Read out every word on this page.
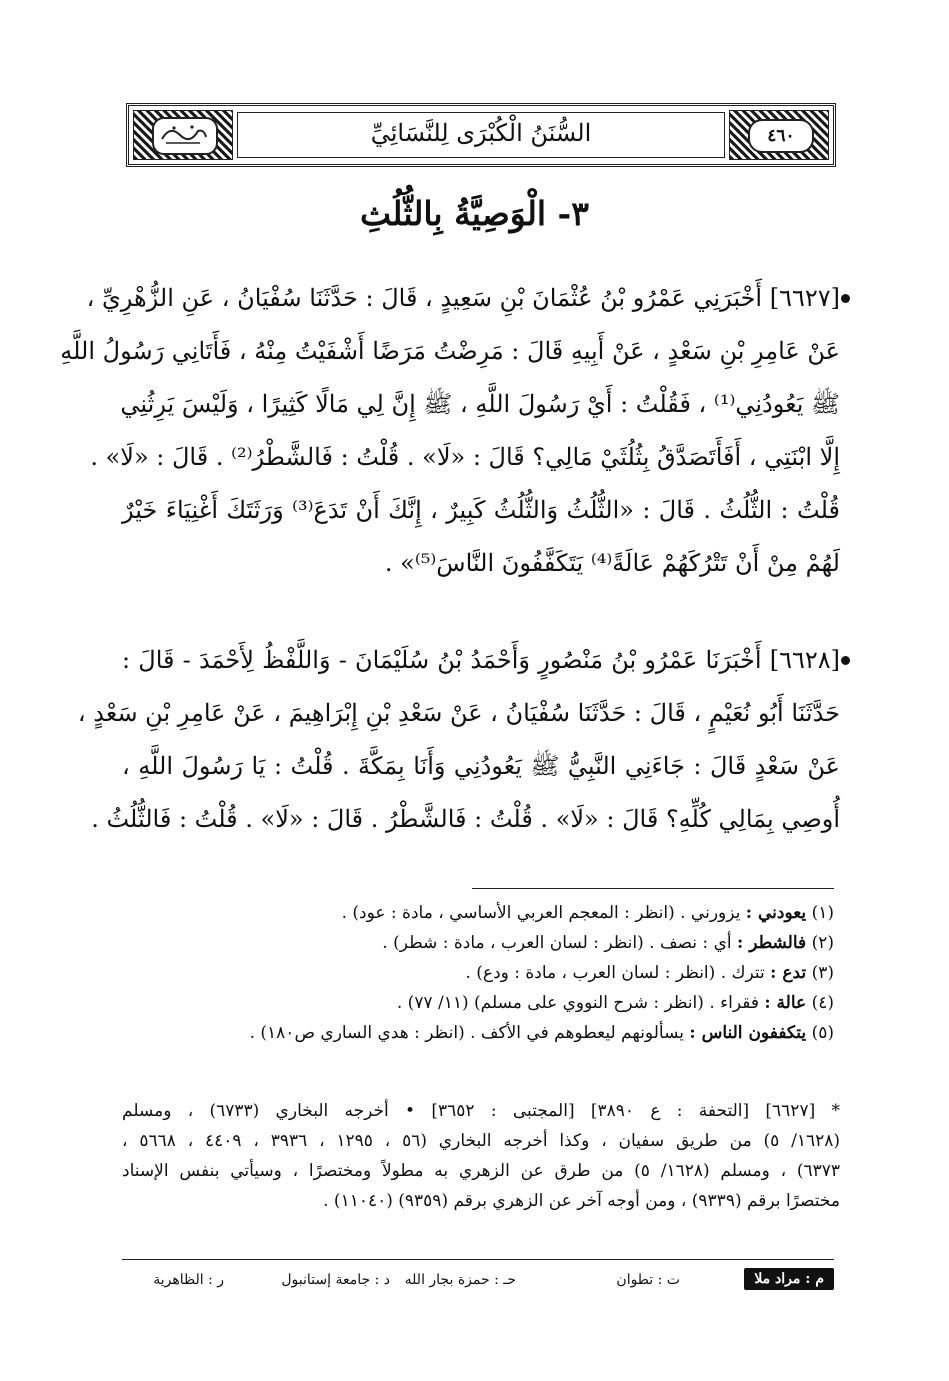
٤٦٠
السُّنَنُ الْكُبْرَى لِلنَّسَائِيِّ
٣- الْوَصِيَّةُ بِالثُّلُثِ
[٦٦٢٧] أَخْبَرَنِي عَمْرُو بْنُ عُثْمَانَ بْنِ سَعِيدٍ ، قَالَ : حَدَّثَنَا سُفْيَانُ ، عَنِ الزُّهْرِيِّ ،
عَنْ عَامِرِ بْنِ سَعْدٍ ، عَنْ أَبِيهِ قَالَ : مَرِضْتُ مَرَضًا أَشْفَيْتُ مِنْهُ ، فَأَتَانِي رَسُولُ اللَّهِ
ﷺ يَعُودُنِي⁽¹⁾ ، فَقُلْتُ : أَيْ رَسُولَ اللَّهِ ، ﷺ إِنَّ لِي مَالًا كَثِيرًا ، وَلَيْسَ يَرِثُنِي
إِلَّا ابْنَتِي ، أَفَأَتَصَدَّقُ بِثُلُثَيْ مَالِي؟ قَالَ : «لَا» . قُلْتُ : فَالشَّطْرُ⁽²⁾ . قَالَ : «لَا» .
قُلْتُ : الثُّلُثُ . قَالَ : «الثُّلُثُ وَالثُّلُثُ كَبِيرٌ ، إِنَّكَ أَنْ تَدَعَ⁽³⁾ وَرَثَتَكَ أَغْنِيَاءَ خَيْرٌ
لَهُمْ مِنْ أَنْ تَتْرُكَهُمْ عَالَةً⁽⁴⁾ يَتَكَفَّفُونَ النَّاسَ⁽⁵⁾» .
[٦٦٢٨] أَخْبَرَنَا عَمْرُو بْنُ مَنْصُورٍ وَأَحْمَدُ بْنُ سُلَيْمَانَ - وَاللَّفْظُ لِأَحْمَدَ - قَالَ :
حَدَّثَنَا أَبُو نُعَيْمٍ ، قَالَ : حَدَّثَنَا سُفْيَانُ ، عَنْ سَعْدِ بْنِ إِبْرَاهِيمَ ، عَنْ عَامِرِ بْنِ سَعْدٍ ،
عَنْ سَعْدٍ قَالَ : جَاءَنِي النَّبِيُّ ﷺ يَعُودُنِي وَأَنَا بِمَكَّةَ . قُلْتُ : يَا رَسُولَ اللَّهِ ،
أُوصِي بِمَالِي كُلِّهِ؟ قَالَ : «لَا» . قُلْتُ : فَالشَّطْرُ . قَالَ : «لَا» . قُلْتُ : فَالثُّلُثُ .
(١) يعودني : يزورني . (انظر : المعجم العربي الأساسي ، مادة : عود) .
(٢) فالشطر : أي : نصف . (انظر : لسان العرب ، مادة : شطر) .
(٣) تدع : تترك . (انظر : لسان العرب ، مادة : ودع) .
(٤) عالة : فقراء . (انظر : شرح النووي على مسلم) (١١/ ٧٧) .
(٥) يتكففون الناس : يسألونهم ليعطوهم في الأكف . (انظر : هدي الساري ص١٨٠) .
* [٦٦٢٧] [التحفة : ع ٣٨٩٠] [المجتبى : ٣٦٥٢] • أخرجه البخاري (٦٧٣٣) ، ومسلم
(١٦٢٨/ ٥) من طريق سفيان ، وكذا أخرجه البخاري (٥٦ ، ١٢٩٥ ، ٣٩٣٦ ، ٤٤٠٩ ، ٥٦٦٨ ،
٦٣٧٣) ، ومسلم (١٦٢٨/ ٥) من طرق عن الزهري به مطولاً ومختصرًا ، وسيأتي بنفس الإسناد
مختصرًا برقم (٩٣٣٩) ، ومن أوجه آخر عن الزهري برقم (٩٣٥٩) (١١٠٤٠) .
م : مراد ملا
ت : تطوان
حـ : حمزة بجار الله
د : جامعة إستانبول
ر : الظاهرية
